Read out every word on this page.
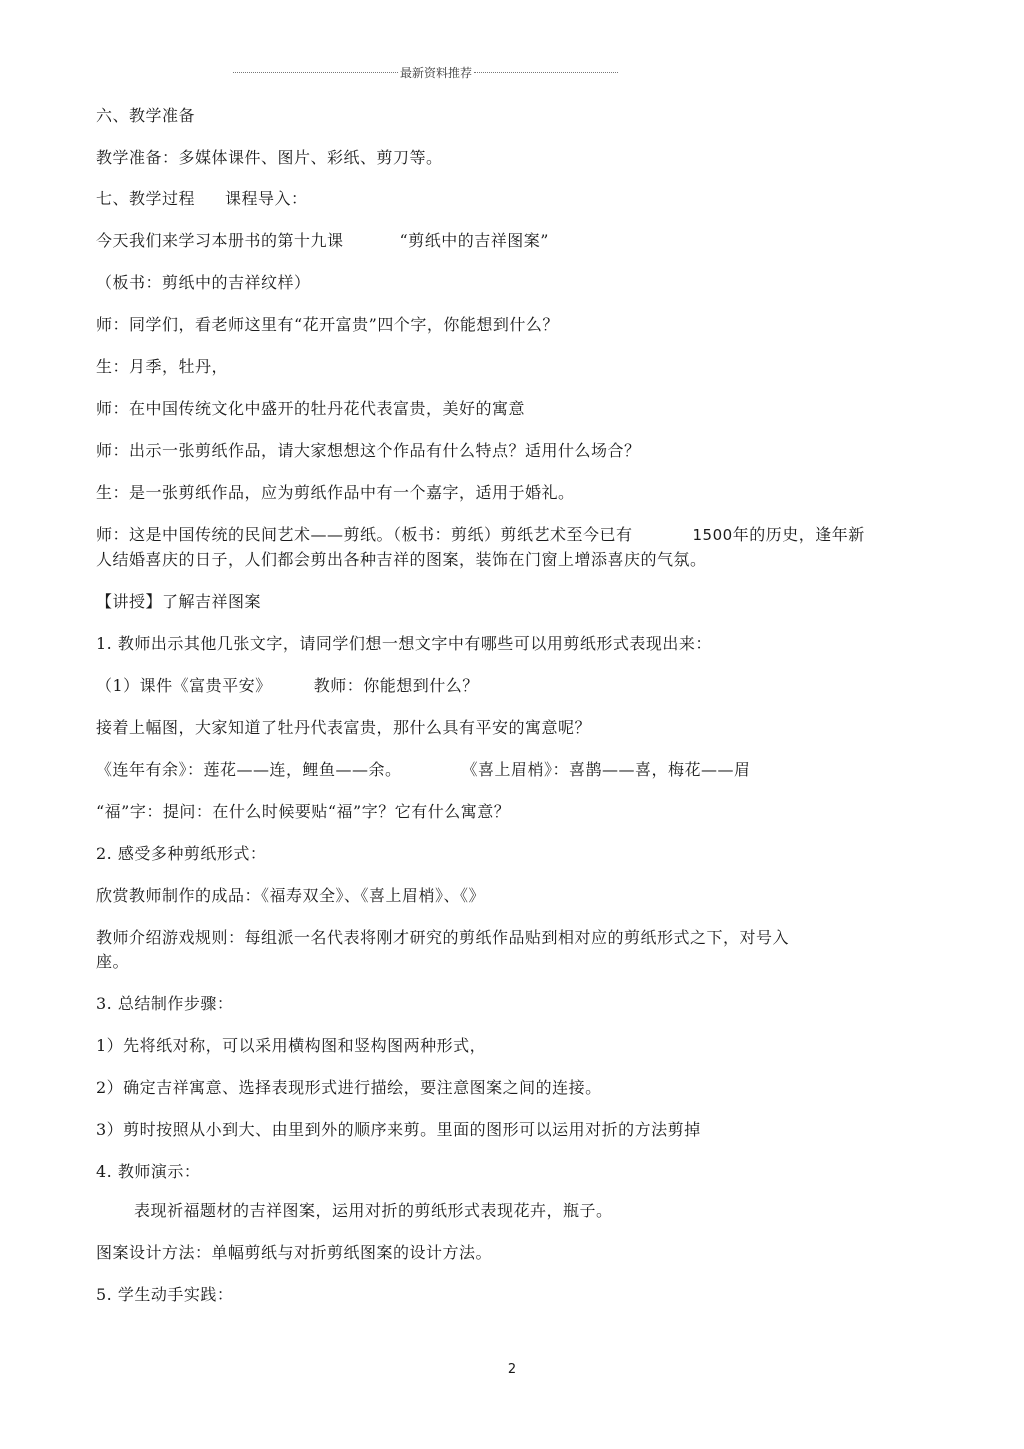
最新资料推荐
六、教学准备
教学准备：多媒体课件、图片、彩纸、剪刀等。
七、教学过程 课程导入：
今天我们来学习本册书的第十九课	“剪纸中的吉祥图案”
（板书：剪纸中的吉祥纹样）
师：同学们，看老师这里有“花开富贵”四个字，你能想到什么？
生：月季，牡丹，
师：在中国传统文化中盛开的牡丹花代表富贵，美好的寓意
师：出示一张剪纸作品，请大家想想这个作品有什么特点？适用什么场合？
生：是一张剪纸作品，应为剪纸作品中有一个嘉字，适用于婚礼。
师：这是中国传统的民间艺术——剪纸。（板书：剪纸）剪纸艺术至今已有	1500年的历史，逢年新
人结婚喜庆的日子，人们都会剪出各种吉祥的图案，装饰在门窗上增添喜庆的气氛。
【讲授】了解吉祥图案
1. 教师出示其他几张文字，请同学们想一想文字中有哪些可以用剪纸形式表现出来：
（1）课件《富贵平安》	教师：你能想到什么？
接着上幅图，大家知道了牡丹代表富贵，那什么具有平安的寓意呢？
《连年有余》：莲花——连，鲤鱼——余。	《喜上眉梢》：喜鹊——喜，梅花——眉
“福”字：提问：在什么时候要贴“福”字？它有什么寓意？
2. 感受多种剪纸形式：
欣赏教师制作的成品：《福寿双全》、《喜上眉梢》、《》
教师介绍游戏规则：每组派一名代表将刚才研究的剪纸作品贴到相对应的剪纸形式之下，对号入
座。
3. 总结制作步骤：
1）先将纸对称，可以采用横构图和竖构图两种形式，
2）确定吉祥寓意、选择表现形式进行描绘，要注意图案之间的连接。
3）剪时按照从小到大、由里到外的顺序来剪。里面的图形可以运用对折的方法剪掉
4. 教师演示：
表现祈福题材的吉祥图案，运用对折的剪纸形式表现花卉，瓶子。
图案设计方法：单幅剪纸与对折剪纸图案的设计方法。
5. 学生动手实践：
2
